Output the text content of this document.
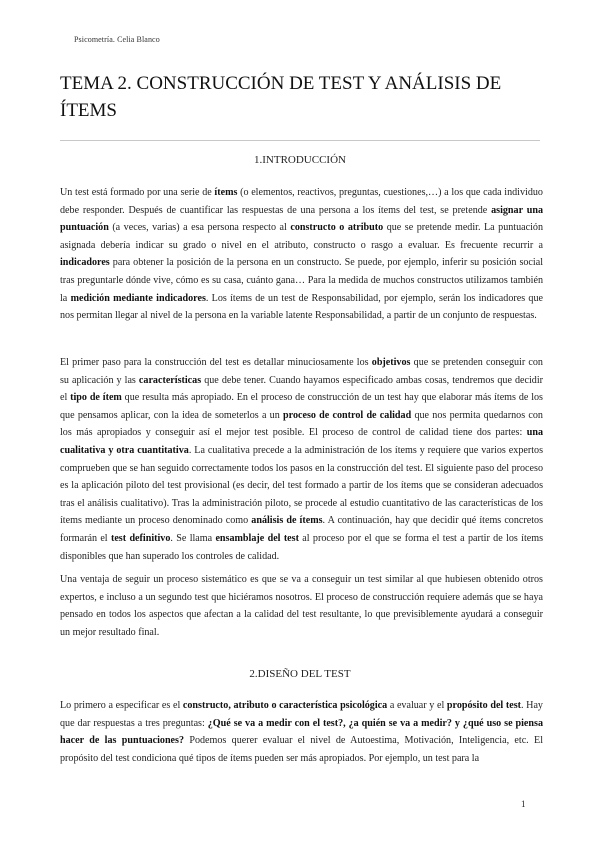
Psicometría. Celia Blanco
TEMA 2. CONSTRUCCIÓN DE TEST Y ANÁLISIS DE ÍTEMS
1.INTRODUCCIÓN

Un test está formado por una serie de ítems (o elementos, reactivos, preguntas, cuestiones,…) a los que cada individuo debe responder. Después de cuantificar las respuestas de una persona a los ítems del test, se pretende asignar una puntuación (a veces, varias) a esa persona respecto al constructo o atributo que se pretende medir. La puntuación asignada debería indicar su grado o nivel en el atributo, constructo o rasgo a evaluar. Es frecuente recurrir a indicadores para obtener la posición de la persona en un constructo. Se puede, por ejemplo, inferir su posición social tras preguntarle dónde vive, cómo es su casa, cuánto gana… Para la medida de muchos constructos utilizamos también la medición mediante indicadores. Los ítems de un test de Responsabilidad, por ejemplo, serán los indicadores que nos permitan llegar al nivel de la persona en la variable latente Responsabilidad, a partir de un conjunto de respuestas.

El primer paso para la construcción del test es detallar minuciosamente los objetivos que se pretenden conseguir con su aplicación y las características que debe tener. Cuando hayamos especificado ambas cosas, tendremos que decidir el tipo de ítem que resulta más apropiado. En el proceso de construcción de un test hay que elaborar más ítems de los que pensamos aplicar, con la idea de someterlos a un proceso de control de calidad que nos permita quedarnos con los más apropiados y conseguir así el mejor test posible. El proceso de control de calidad tiene dos partes: una cualitativa y otra cuantitativa. La cualitativa precede a la administración de los ítems y requiere que varios expertos comprueben que se han seguido correctamente todos los pasos en la construcción del test. El siguiente paso del proceso es la aplicación piloto del test provisional (es decir, del test formado a partir de los ítems que se consideran adecuados tras el análisis cualitativo). Tras la administración piloto, se procede al estudio cuantitativo de las características de los ítems mediante un proceso denominado como análisis de ítems. A continuación, hay que decidir qué ítems concretos formarán el test definitivo. Se llama ensamblaje del test al proceso por el que se forma el test a partir de los ítems disponibles que han superado los controles de calidad.

Una ventaja de seguir un proceso sistemático es que se va a conseguir un test similar al que hubiesen obtenido otros expertos, e incluso a un segundo test que hiciéramos nosotros. El proceso de construcción requiere además que se haya pensado en todos los aspectos que afectan a la calidad del test resultante, lo que previsiblemente ayudará a conseguir un mejor resultado final.

2.DISEÑO DEL TEST

Lo primero a especificar es el constructo, atributo o característica psicológica a evaluar y el propósito del test. Hay que dar respuestas a tres preguntas: ¿Qué se va a medir con el test?, ¿a quién se va a medir? y ¿qué uso se piensa hacer de las puntuaciones? Podemos querer evaluar el nivel de Autoestima, Motivación, Inteligencia, etc. El propósito del test condiciona qué tipos de ítems pueden ser más apropiados. Por ejemplo, un test para la

1
